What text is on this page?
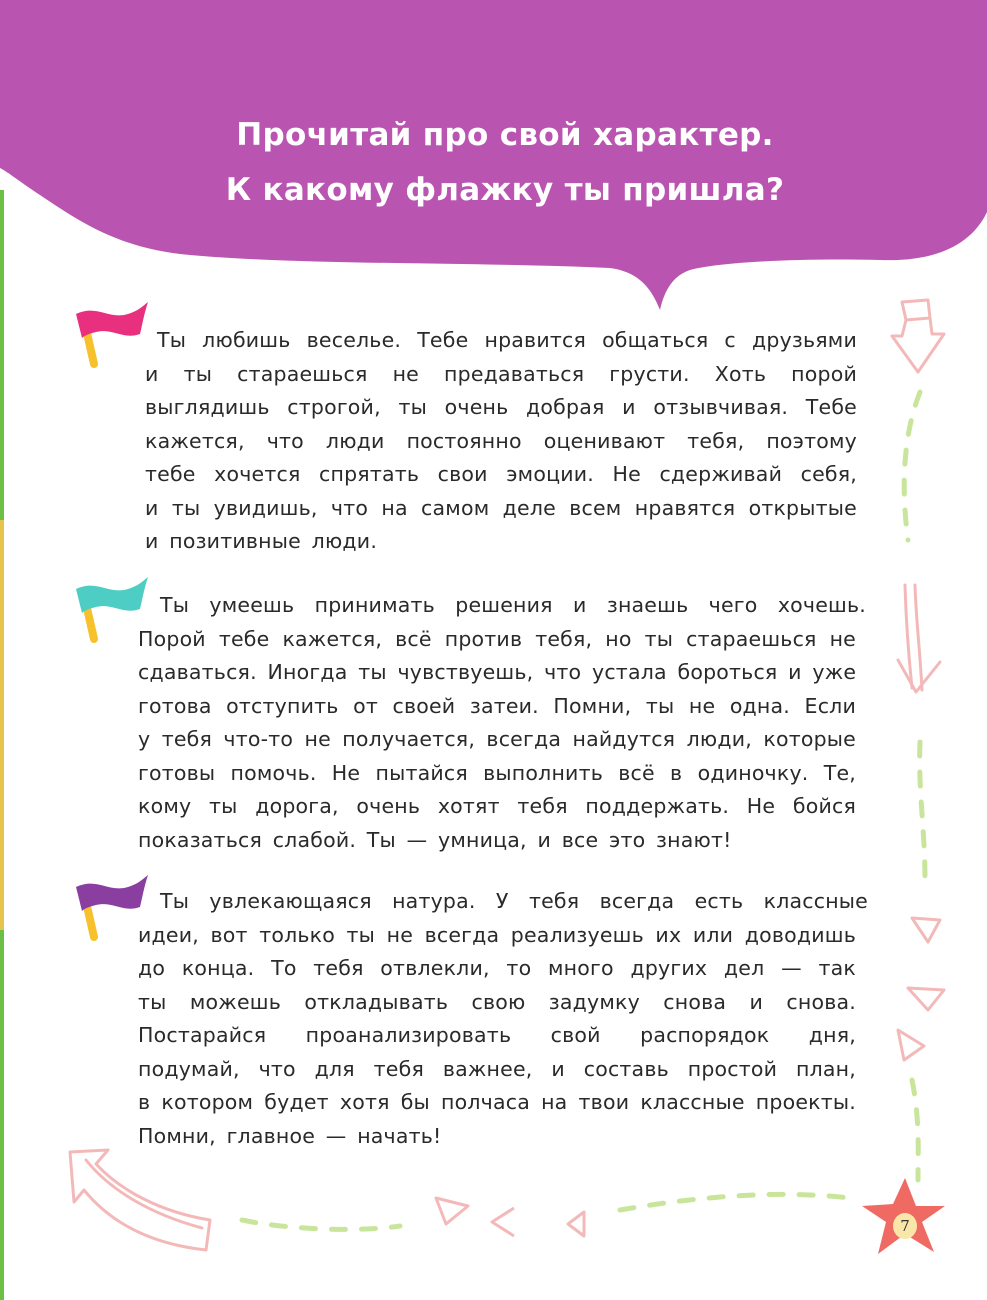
Прочитай про свой характер.
К какому флажку ты пришла?
Ты любишь веселье. Тебе нравится общаться с друзьями
и ты стараешься не предаваться грусти. Хоть порой
выглядишь строгой, ты очень добрая и отзывчивая. Тебе
кажется, что люди постоянно оценивают тебя, поэтому
тебе хочется спрятать свои эмоции. Не сдерживай себя,
и ты увидишь, что на самом деле всем нравятся открытые
и позитивные люди.
Ты умеешь принимать решения и знаешь чего хочешь.
Порой тебе кажется, всё против тебя, но ты стараешься не
сдаваться. Иногда ты чувствуешь, что устала бороться и уже
готова отступить от своей затеи. Помни, ты не одна. Если
у тебя что-то не получается, всегда найдутся люди, которые
готовы помочь. Не пытайся выполнить всё в одиночку. Те,
кому ты дорога, очень хотят тебя поддержать. Не бойся
показаться слабой. Ты — умница, и все это знают!
Ты увлекающаяся натура. У тебя всегда есть классные
идеи, вот только ты не всегда реализуешь их или доводишь
до конца. То тебя отвлекли, то много других дел — так
ты можешь откладывать свою задумку снова и снова.
Постарайся проанализировать свой распорядок дня,
подумай, что для тебя важнее, и составь простой план,
в котором будет хотя бы полчаса на твои классные проекты.
Помни, главное — начать!
7
